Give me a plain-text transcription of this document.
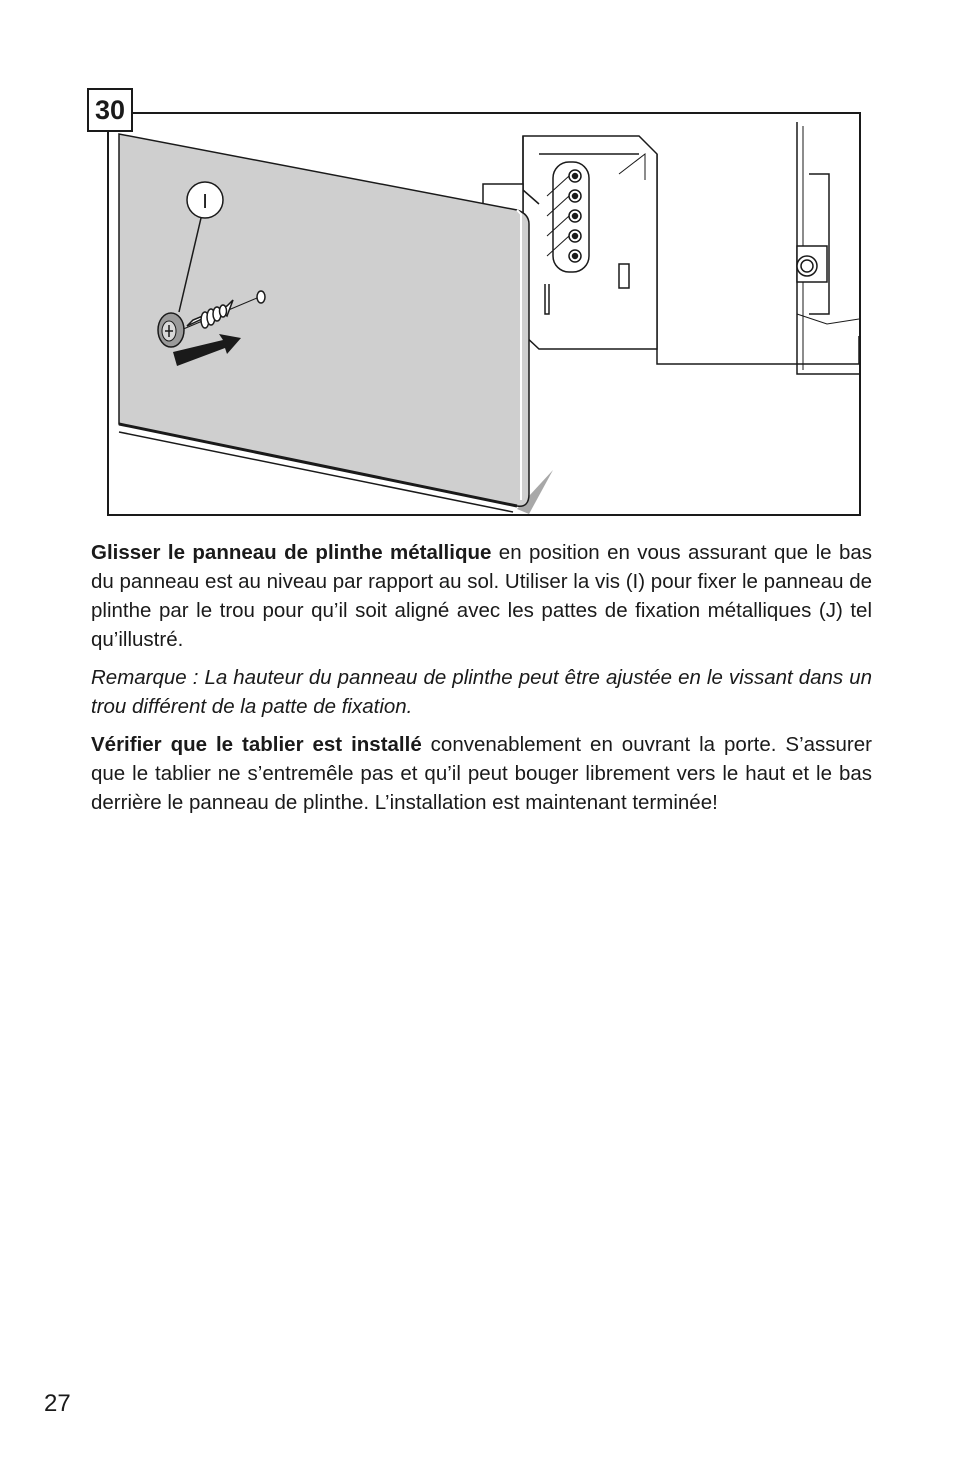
30
I

Glisser le panneau de plinthe métallique en position en vous assurant que le bas du panneau est au niveau par rapport au sol. Utiliser la vis (I) pour fixer le panneau de plinthe par le trou pour qu’il soit aligné avec les pattes de fixation métalliques (J) tel qu’illustré.

Remarque : La hauteur du panneau de plinthe peut être ajustée en le vissant dans un trou différent de la patte de fixation.

Vérifier que le tablier est installé convenablement en ouvrant la porte. S’assurer que le tablier ne s’entremêle pas et qu’il peut bouger librement vers le haut et le bas derrière le panneau de plinthe. L’installation est maintenant terminée!

27
